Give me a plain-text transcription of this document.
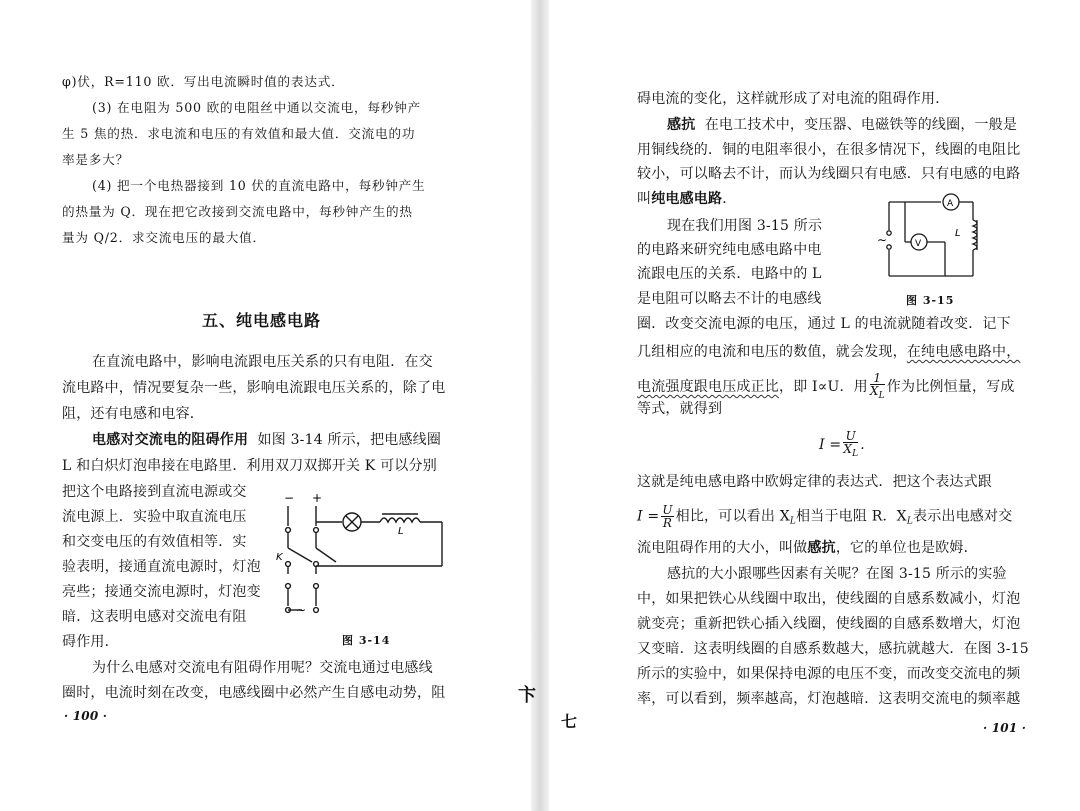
φ)伏，R=110 欧．写出电流瞬时值的表达式．
(3) 在电阻为 500 欧的电阻丝中通以交流电，每秒钟产
生 5 焦的热．求电流和电压的有效值和最大值．交流电的功
率是多大？
(4) 把一个电热器接到 10 伏的直流电路中，每秒钟产生
的热量为 Q．现在把它改接到交流电路中，每秒钟产生的热
量为 Q/2．求交流电压的最大值．
五、纯电感电路
在直流电路中，影响电流跟电压关系的只有电阻．在交
流电路中，情况要复杂一些，影响电流跟电压关系的，除了电
阻，还有电感和电容．
电感对交流电的阻碍作用 如图 3-14 所示，把电感线圈
L 和白炽灯泡串接在电路里．利用双刀双掷开关 K 可以分别
把这个电路接到直流电源或交
流电源上．实验中取直流电压
和交变电压的有效值相等．实
验表明，接通直流电源时，灯泡
亮些；接通交流电源时，灯泡变
暗．这表明电感对交流电有阻
碍作用．
− +
L
K
∼
图 3-14
为什么电感对交流电有阻碍作用呢？交流电通过电感线
圈时，电流时刻在改变，电感线圈中必然产生自感电动势，阻
· 100 ·
碍电流的变化，这样就形成了对电流的阻碍作用．
感抗 在电工技术中，变压器、电磁铁等的线圈，一般是
用铜线绕的．铜的电阻率很小，在很多情况下，线圈的电阻比
较小，可以略去不计，而认为线圈只有电感．只有电感的电路
叫纯电感电路．
现在我们用图 3-15 所示
的电路来研究纯电感电路中电
流跟电压的关系．电路中的 L
是电阻可以略去不计的电感线
圈．改变交流电源的电压，通过 L 的电流就随着改变．记下
A
V
L
∼
图 3-15
几组相应的电流和电压的数值，就会发现，在纯电感电路中，
电流强度跟电压成正比，即 I∝U．用 $\frac{1}{X_L}$ 作为比例恒量，写成
等式，就得到
$I = \frac{U}{X_L}$ .
这就是纯电感电路中欧姆定律的表达式．把这个表达式跟
$I = \frac{U}{R}$ 相比，可以看出 $X_L$相当于电阻 R．$X_L$表示出电感对交
流电阻碍作用的大小，叫做感抗，它的单位也是欧姆．
感抗的大小跟哪些因素有关呢？在图 3-15 所示的实验
中，如果把铁心从线圈中取出，使线圈的自感系数减小，灯泡
就变亮；重新把铁心插入线圈，使线圈的自感系数增大，灯泡
又变暗．这表明线圈的自感系数越大，感抗就越大．在图 3-15
所示的实验中，如果保持电源的电压不变，而改变交流电的频
率，可以看到，频率越高，灯泡越暗．这表明交流电的频率越
· 101 ·
卞
七
